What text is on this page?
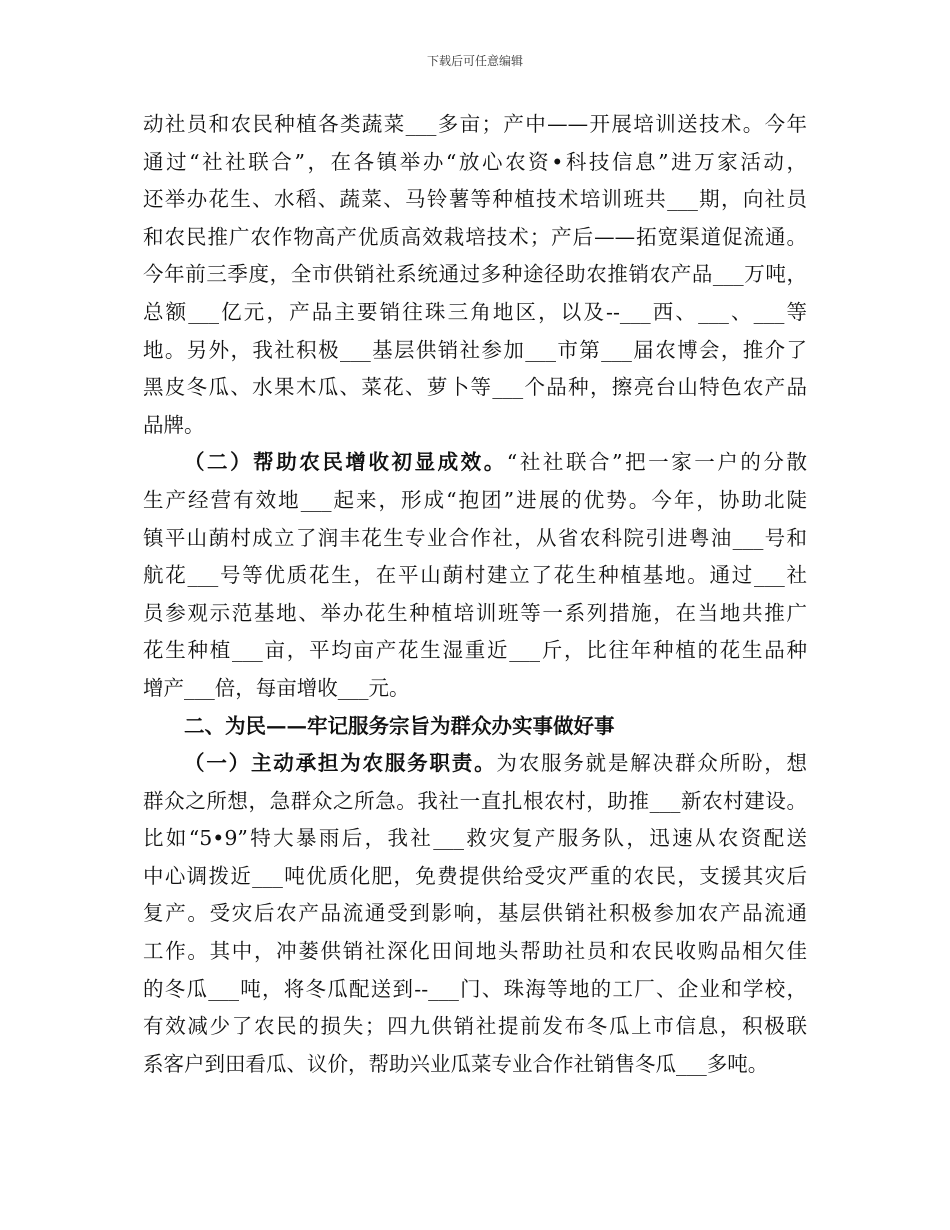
下载后可任意编辑
动社员和农民种植各类蔬菜___多亩；产中——开展培训送技术。今年
通过“社社联合”，在各镇举办“放心农资•科技信息”进万家活动，
还举办花生、水稻、蔬菜、马铃薯等种植技术培训班共___期，向社员
和农民推广农作物高产优质高效栽培技术；产后——拓宽渠道促流通。
今年前三季度，全市供销社系统通过多种途径助农推销农产品___万吨，
总额___亿元，产品主要销往珠三角地区，以及--___西、___、___等
地。另外，我社积极___基层供销社参加___市第___届农博会，推介了
黑皮冬瓜、水果木瓜、菜花、萝卜等___个品种，擦亮台山特色农产品
品牌。
（二）帮助农民增收初显成效。“社社联合”把一家一户的分散
生产经营有效地___起来，形成“抱团”进展的优势。今年，协助北陡
镇平山蓢村成立了润丰花生专业合作社，从省农科院引进粤油___号和
航花___号等优质花生，在平山蓢村建立了花生种植基地。通过___社
员参观示范基地、举办花生种植培训班等一系列措施，在当地共推广
花生种植___亩，平均亩产花生湿重近___斤，比往年种植的花生品种
增产___倍，每亩增收___元。
二、为民——牢记服务宗旨为群众办实事做好事
（一）主动承担为农服务职责。为农服务就是解决群众所盼，想
群众之所想，急群众之所急。我社一直扎根农村，助推___新农村建设。
比如“5•9”特大暴雨后，我社___救灾复产服务队，迅速从农资配送
中心调拨近___吨优质化肥，免费提供给受灾严重的农民，支援其灾后
复产。受灾后农产品流通受到影响，基层供销社积极参加农产品流通
工作。其中，冲蒌供销社深化田间地头帮助社员和农民收购品相欠佳
的冬瓜___吨，将冬瓜配送到--___门、珠海等地的工厂、企业和学校，
有效减少了农民的损失；四九供销社提前发布冬瓜上市信息，积极联
系客户到田看瓜、议价，帮助兴业瓜菜专业合作社销售冬瓜___多吨。
